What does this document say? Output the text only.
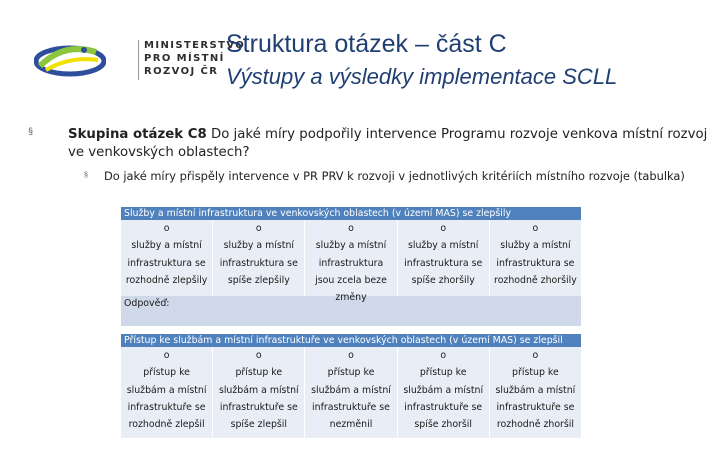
MINISTERSTVO
PRO MÍSTNÍ
ROZVOJ ČR
Struktura otázek – část C
Výstupy a výsledky implementace SCLL
§	Skupina otázek C8 Do jaké míry podpořily intervence Programu rozvoje venkova místní rozvoj ve venkovských oblastech?
§ Do jaké míry přispěly intervence v PR PRV k rozvoji v jednotlivých kritériích místního rozvoje (tabulka)
Služby a místní infrastruktura ve venkovských oblastech (v území MAS) se zlepšily
o
služby a místní
infrastruktura se
rozhodně zlepšily
o
služby a místní
infrastruktura se
spíše zlepšily
o
služby a místní
infrastruktura
jsou zcela beze
změny
o
služby a místní
infrastruktura se
spíše zhoršily
o
služby a místní
infrastruktura se
rozhodně zhoršily
Odpověď:
Přístup ke službám a místní infrastruktuře ve venkovských oblastech (v území MAS) se zlepšil
o
přístup ke
službám a místní
infrastruktuře se
rozhodně zlepšil
o
přístup ke
službám a místní
infrastruktuře se
spíše zlepšil
o
přístup ke
službám a místní
infrastruktuře se
nezměnil
o
přístup ke
službám a místní
infrastruktuře se
spíše zhoršil
o
přístup ke
službám a místní
infrastruktuře se
rozhodně zhoršil
